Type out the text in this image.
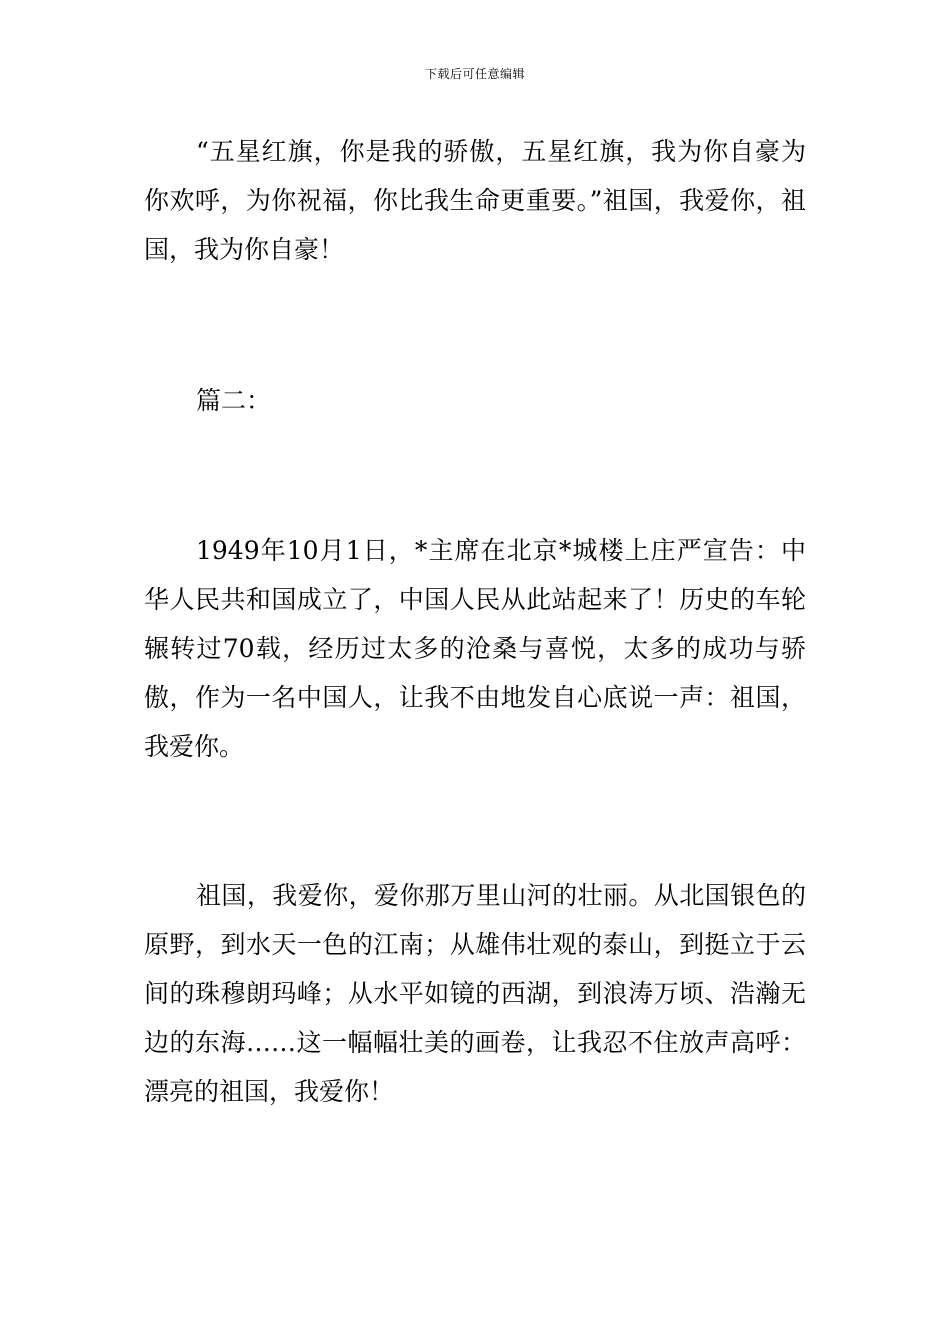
下载后可任意编辑

“五星红旗，你是我的骄傲，五星红旗，我为你自豪为你欢呼，为你祝福，你比我生命更重要。”祖国，我爱你，祖国，我为你自豪！

篇二：

1949年10月1日，*主席在北京*城楼上庄严宣告：中华人民共和国成立了，中国人民从此站起来了！历史的车轮辗转过70载，经历过太多的沧桑与喜悦，太多的成功与骄傲，作为一名中国人，让我不由地发自心底说一声：祖国，我爱你。

祖国，我爱你，爱你那万里山河的壮丽。从北国银色的原野，到水天一色的江南；从雄伟壮观的泰山，到挺立于云间的珠穆朗玛峰；从水平如镜的西湖，到浪涛万顷、浩瀚无边的东海……这一幅幅壮美的画卷，让我忍不住放声高呼：漂亮的祖国，我爱你！
